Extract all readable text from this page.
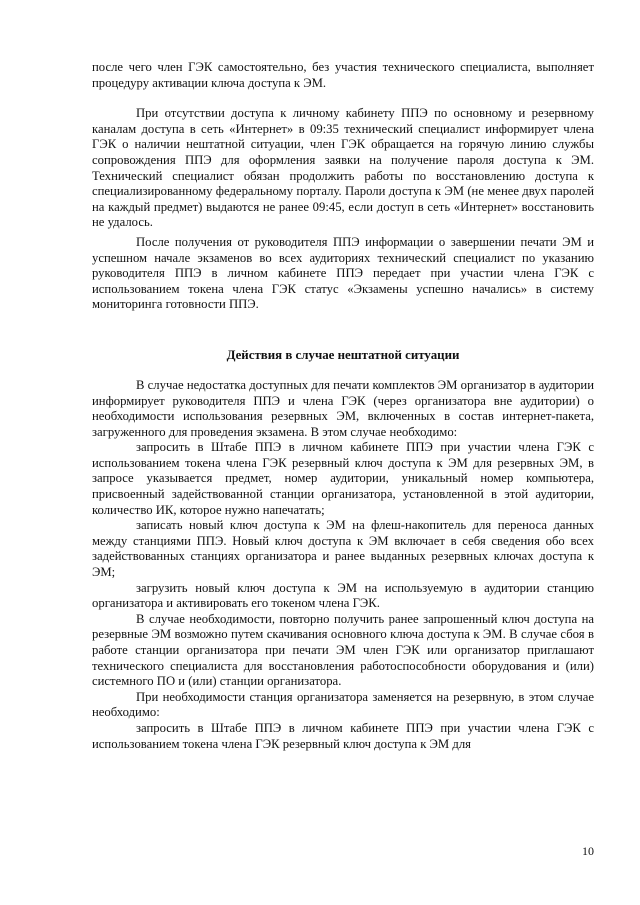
после чего член ГЭК самостоятельно, без участия технического специалиста, выполняет процедуру активации ключа доступа к ЭМ.

При отсутствии доступа к личному кабинету ППЭ по основному и резервному каналам доступа в сеть «Интернет» в 09:35 технический специалист информирует члена ГЭК о наличии нештатной ситуации, член ГЭК обращается на горячую линию службы сопровождения ППЭ для оформления заявки на получение пароля доступа к ЭМ. Технический специалист обязан продолжить работы по восстановлению доступа к специализированному федеральному порталу. Пароли доступа к ЭМ (не менее двух паролей на каждый предмет) выдаются не ранее 09:45, если доступ в сеть «Интернет» восстановить не удалось.

После получения от руководителя ППЭ информации о завершении печати ЭМ и успешном начале экзаменов во всех аудиториях технический специалист по указанию руководителя ППЭ в личном кабинете ППЭ передает при участии члена ГЭК с использованием токена члена ГЭК статус «Экзамены успешно начались» в систему мониторинга готовности ППЭ.

Действия в случае нештатной ситуации

В случае недостатка доступных для печати комплектов ЭМ организатор в аудитории информирует руководителя ППЭ и члена ГЭК (через организатора вне аудитории) о необходимости использования резервных ЭМ, включенных в состав интернет-пакета, загруженного для проведения экзамена. В этом случае необходимо:

запросить в Штабе ППЭ в личном кабинете ППЭ при участии члена ГЭК с использованием токена члена ГЭК резервный ключ доступа к ЭМ для резервных ЭМ, в запросе указывается предмет, номер аудитории, уникальный номер компьютера, присвоенный задействованной станции организатора, установленной в этой аудитории, количество ИК, которое нужно напечатать;

записать новый ключ доступа к ЭМ на флеш-накопитель для переноса данных между станциями ППЭ. Новый ключ доступа к ЭМ включает в себя сведения обо всех задействованных станциях организатора и ранее выданных резервных ключах доступа к ЭМ;

загрузить новый ключ доступа к ЭМ на используемую в аудитории станцию организатора и активировать его токеном члена ГЭК.

В случае необходимости, повторно получить ранее запрошенный ключ доступа на резервные ЭМ возможно путем скачивания основного ключа доступа к ЭМ. В случае сбоя в работе станции организатора при печати ЭМ член ГЭК или организатор приглашают технического специалиста для восстановления работоспособности оборудования и (или) системного ПО и (или) станции организатора.

При необходимости станция организатора заменяется на резервную, в этом случае необходимо:

запросить в Штабе ППЭ в личном кабинете ППЭ при участии члена ГЭК с использованием токена члена ГЭК резервный ключ доступа к ЭМ для

10
